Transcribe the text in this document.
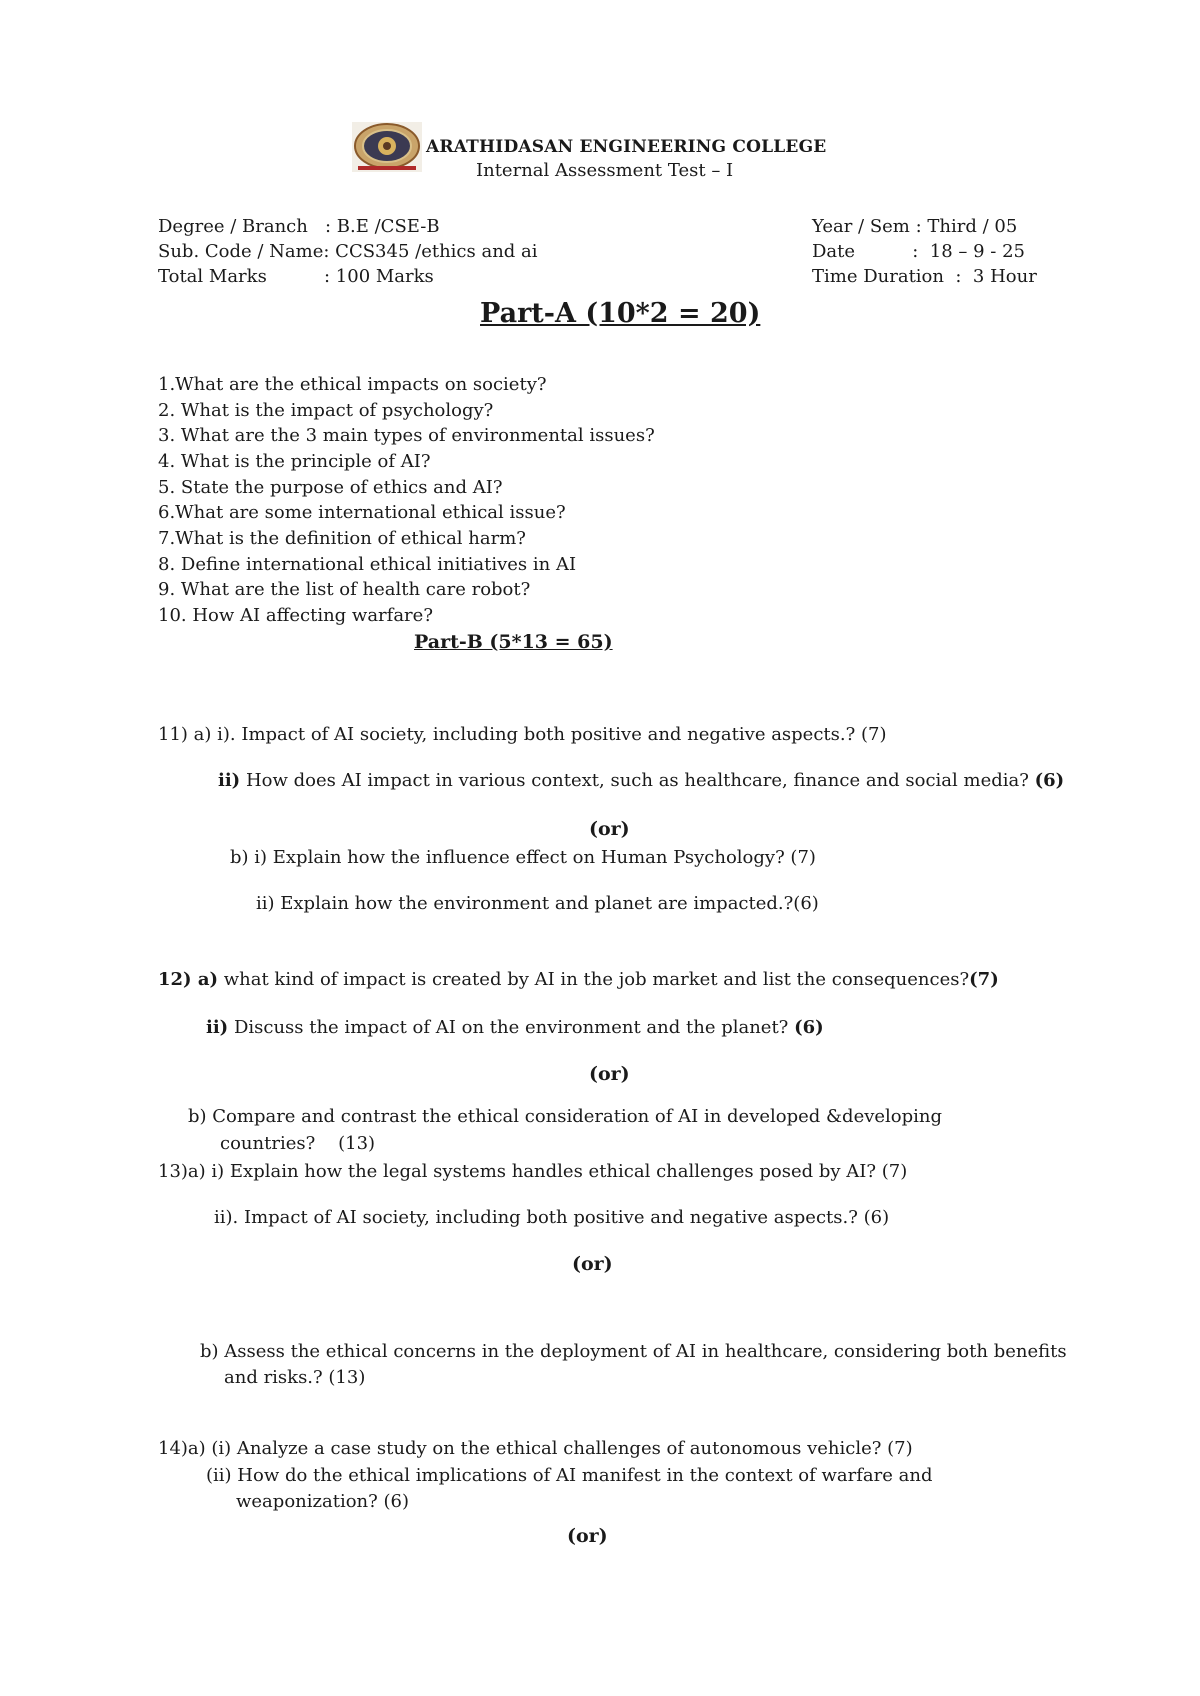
ARATHIDASAN ENGINEERING COLLEGE
Internal Assessment Test – I
Degree / Branch   : B.E /CSE-B
Sub. Code / Name: CCS345 /ethics and ai
Total Marks          : 100 Marks
Year / Sem : Third / 05
Date          :  18 – 9 - 25
Time Duration  :  3 Hour
Part-A (10*2 = 20)
1.What are the ethical impacts on society?
2. What is the impact of psychology?
3. What are the 3 main types of environmental issues?
4. What is the principle of AI?
5. State the purpose of ethics and AI?
6.What are some international ethical issue?
7.What is the definition of ethical harm?
8. Define international ethical initiatives in AI
9. What are the list of health care robot?
10. How AI affecting warfare?
Part-B (5*13 = 65)
11) a) i). Impact of AI society, including both positive and negative aspects.? (7)
ii) How does AI impact in various context, such as healthcare, finance and social media? (6)
(or)
b) i) Explain how the influence effect on Human Psychology? (7)
ii) Explain how the environment and planet are impacted.?(6)
12) a) what kind of impact is created by AI in the job market and list the consequences?(7)
ii) Discuss the impact of AI on the environment and the planet? (6)
(or)
b) Compare and contrast the ethical consideration of AI in developed &developing
countries?    (13)
13)a) i) Explain how the legal systems handles ethical challenges posed by AI? (7)
ii). Impact of AI society, including both positive and negative aspects.? (6)
(or)
b) Assess the ethical concerns in the deployment of AI in healthcare, considering both benefits
and risks.? (13)
14)a) (i) Analyze a case study on the ethical challenges of autonomous vehicle? (7)
(ii) How do the ethical implications of AI manifest in the context of warfare and
weaponization? (6)
(or)
